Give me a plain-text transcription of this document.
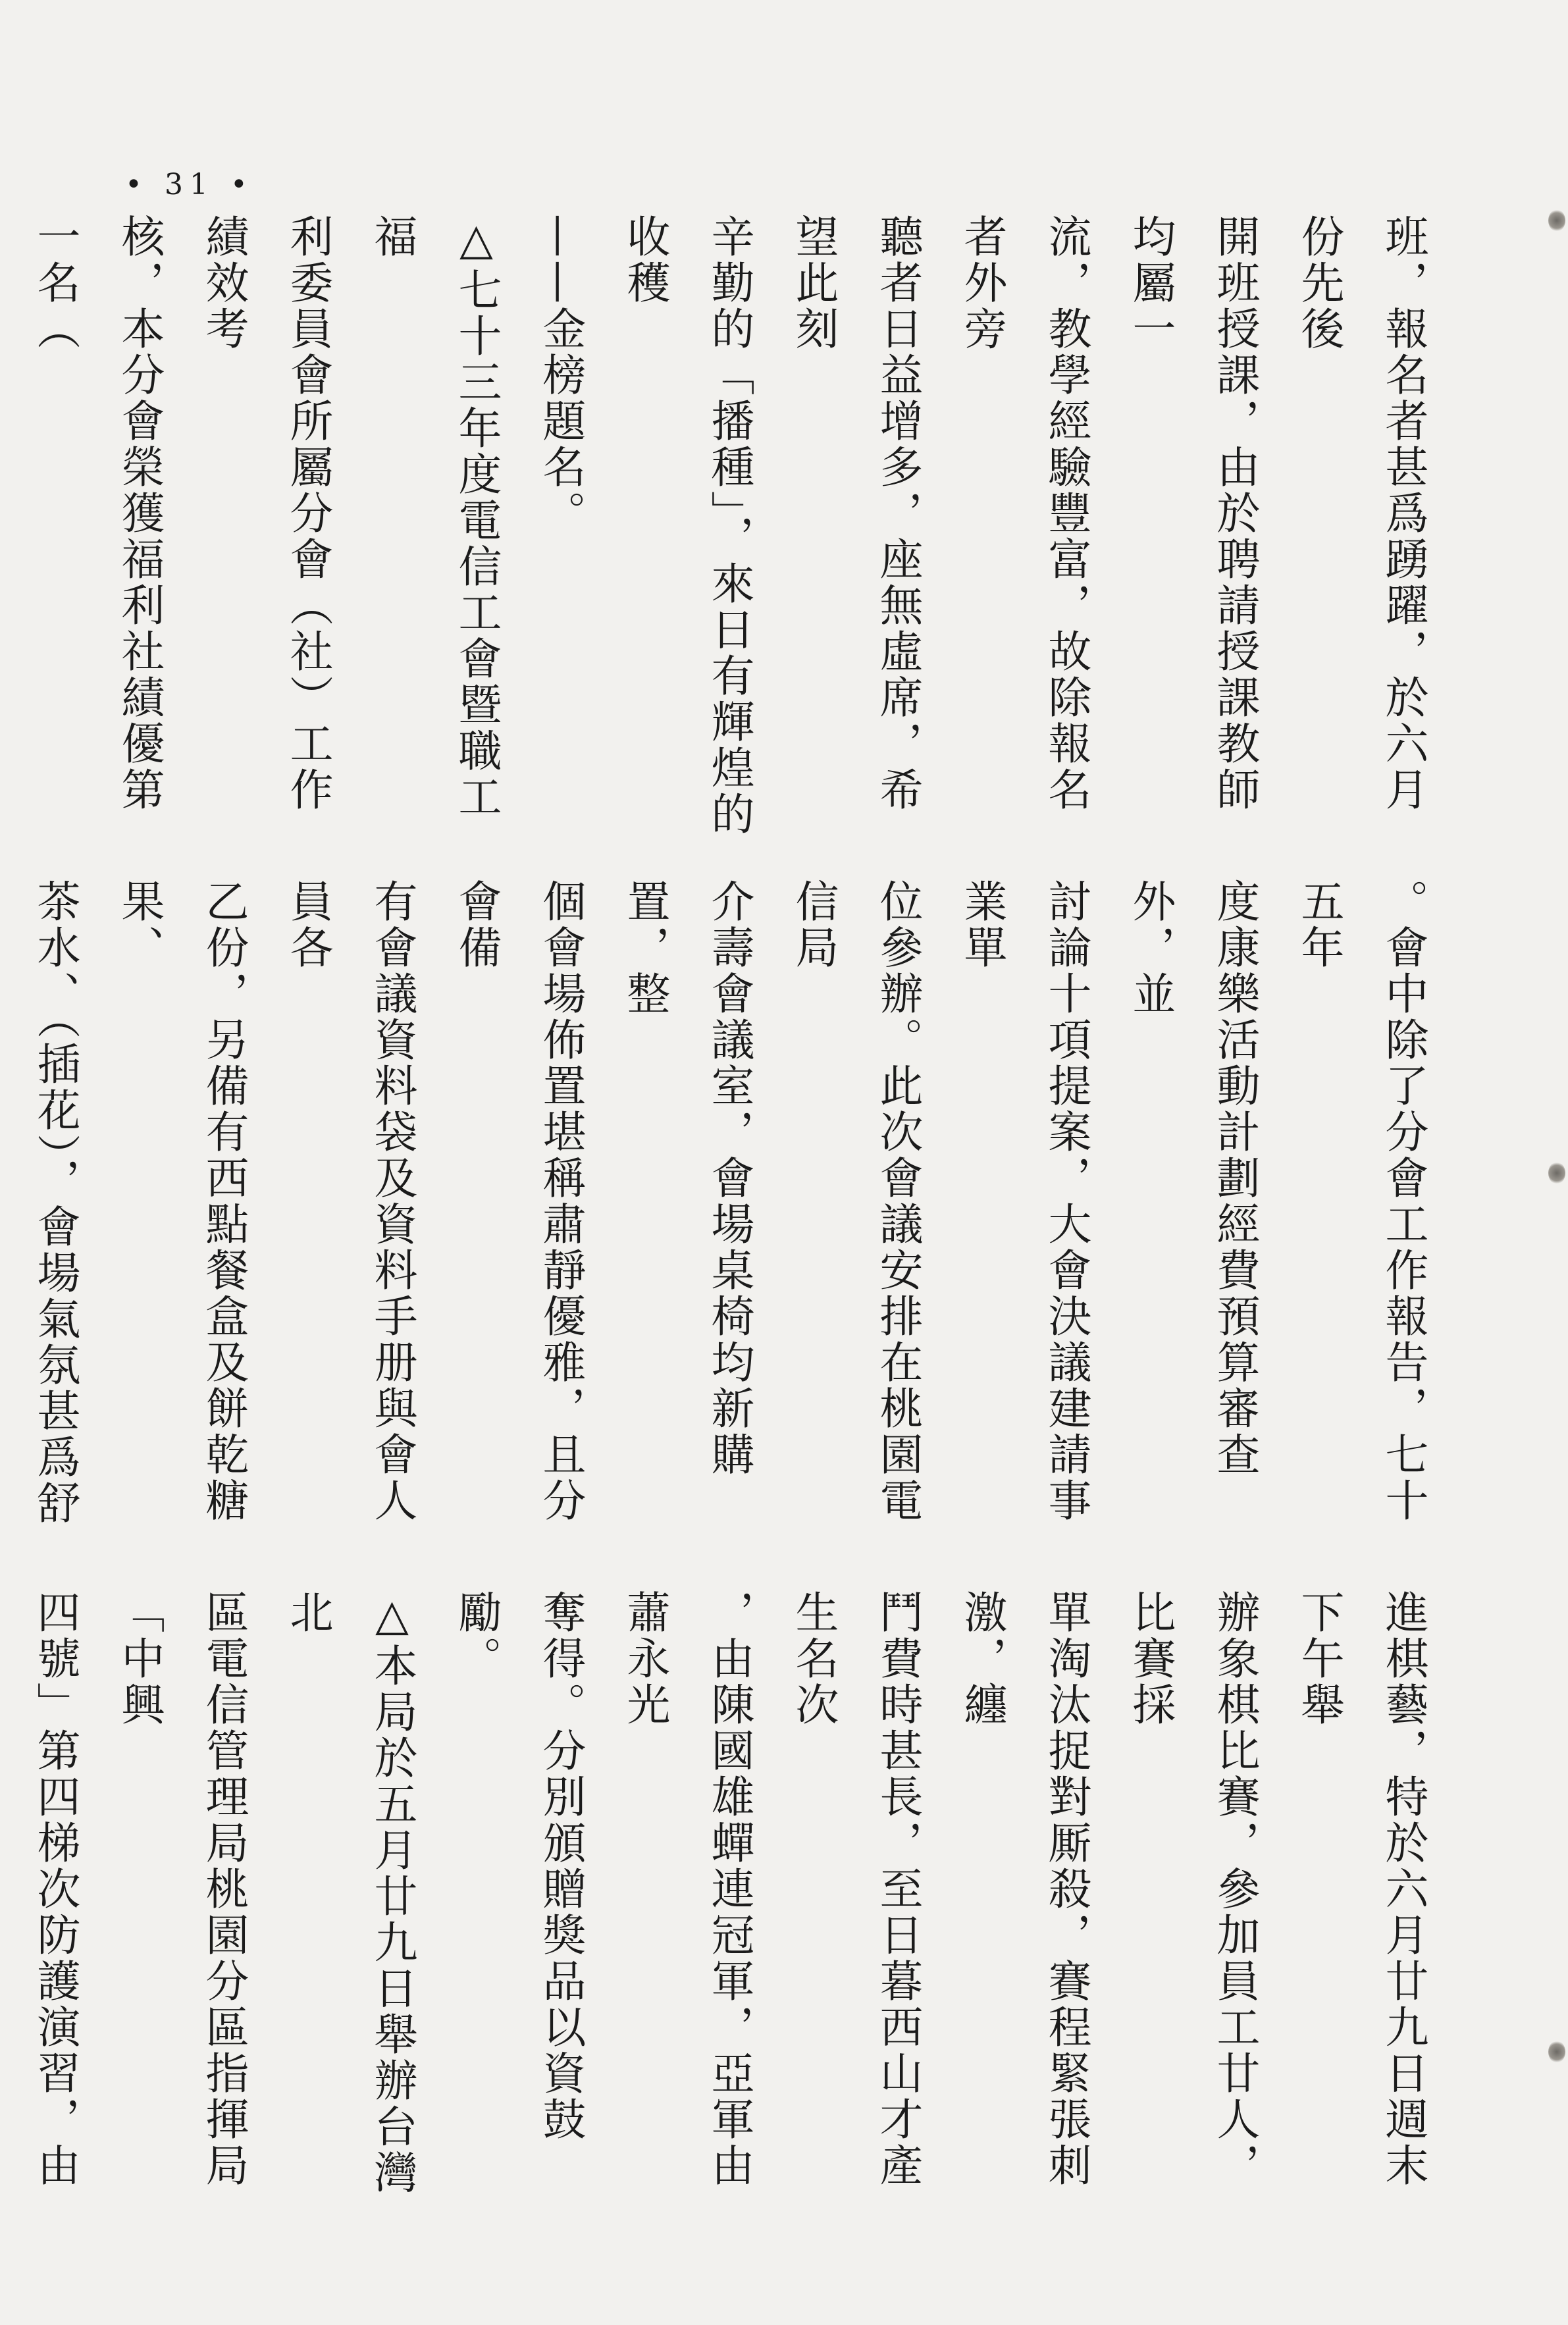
• 31 •

班，報名者甚爲踴躍，於六月份先後

開班授課，由於聘請授課教師均屬一

流，教學經驗豐富，故除報名者外旁

聽者日益增多，座無虛席，希望此刻

辛勤的「播種」，來日有輝煌的收穫

——金榜題名。

△七十三年度電信工會暨職工福

利委員會所屬分會（社）工作績效考

核，本分會榮獲福利社績優第一名（

。會中除了分會工作報告，七十五年

度康樂活動計劃經費預算審查外，並

討論十項提案，大會決議建請事業單

位參辦。此次會議安排在桃園電信局

介壽會議室，會場桌椅均新購置，整

個會場佈置堪稱肅靜優雅，且分會備

有會議資料袋及資料手册與會人員各

乙份，另備有西點餐盒及餅乾糖果、

茶水、（插花），會場氣氛甚爲舒

進棋藝，特於六月廿九日週末下午舉

辦象棋比賽，參加員工廿人，比賽採

單淘汰捉對厮殺，賽程緊張刺激，纏

鬥費時甚長，至日暮西山才產生名次

，由陳國雄蟬連冠軍，亞軍由蕭永光

奪得。分別頒贈獎品以資鼓勵。

△本局於五月廿九日舉辦台灣北

區電信管理局桃園分區指揮局「中興

四號」第四梯次防護演習，由
